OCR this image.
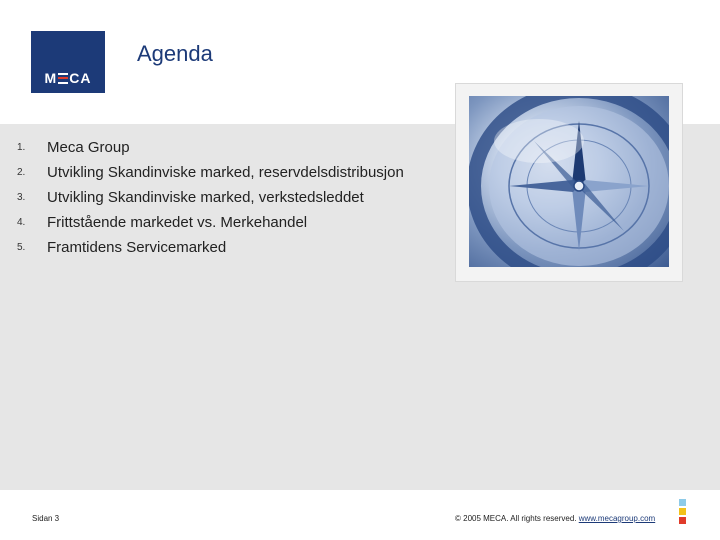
M CA
Agenda
1.	Meca Group
2.	Utvikling Skandinviske marked, reservdelsdistribusjon
3.	Utvikling Skandinviske marked, verkstedsleddet
4.	Frittstående markedet vs. Merkehandel
5.	Framtidens Servicemarked
Sidan 3	© 2005 MECA. All rights reserved. www.mecagroup.com
